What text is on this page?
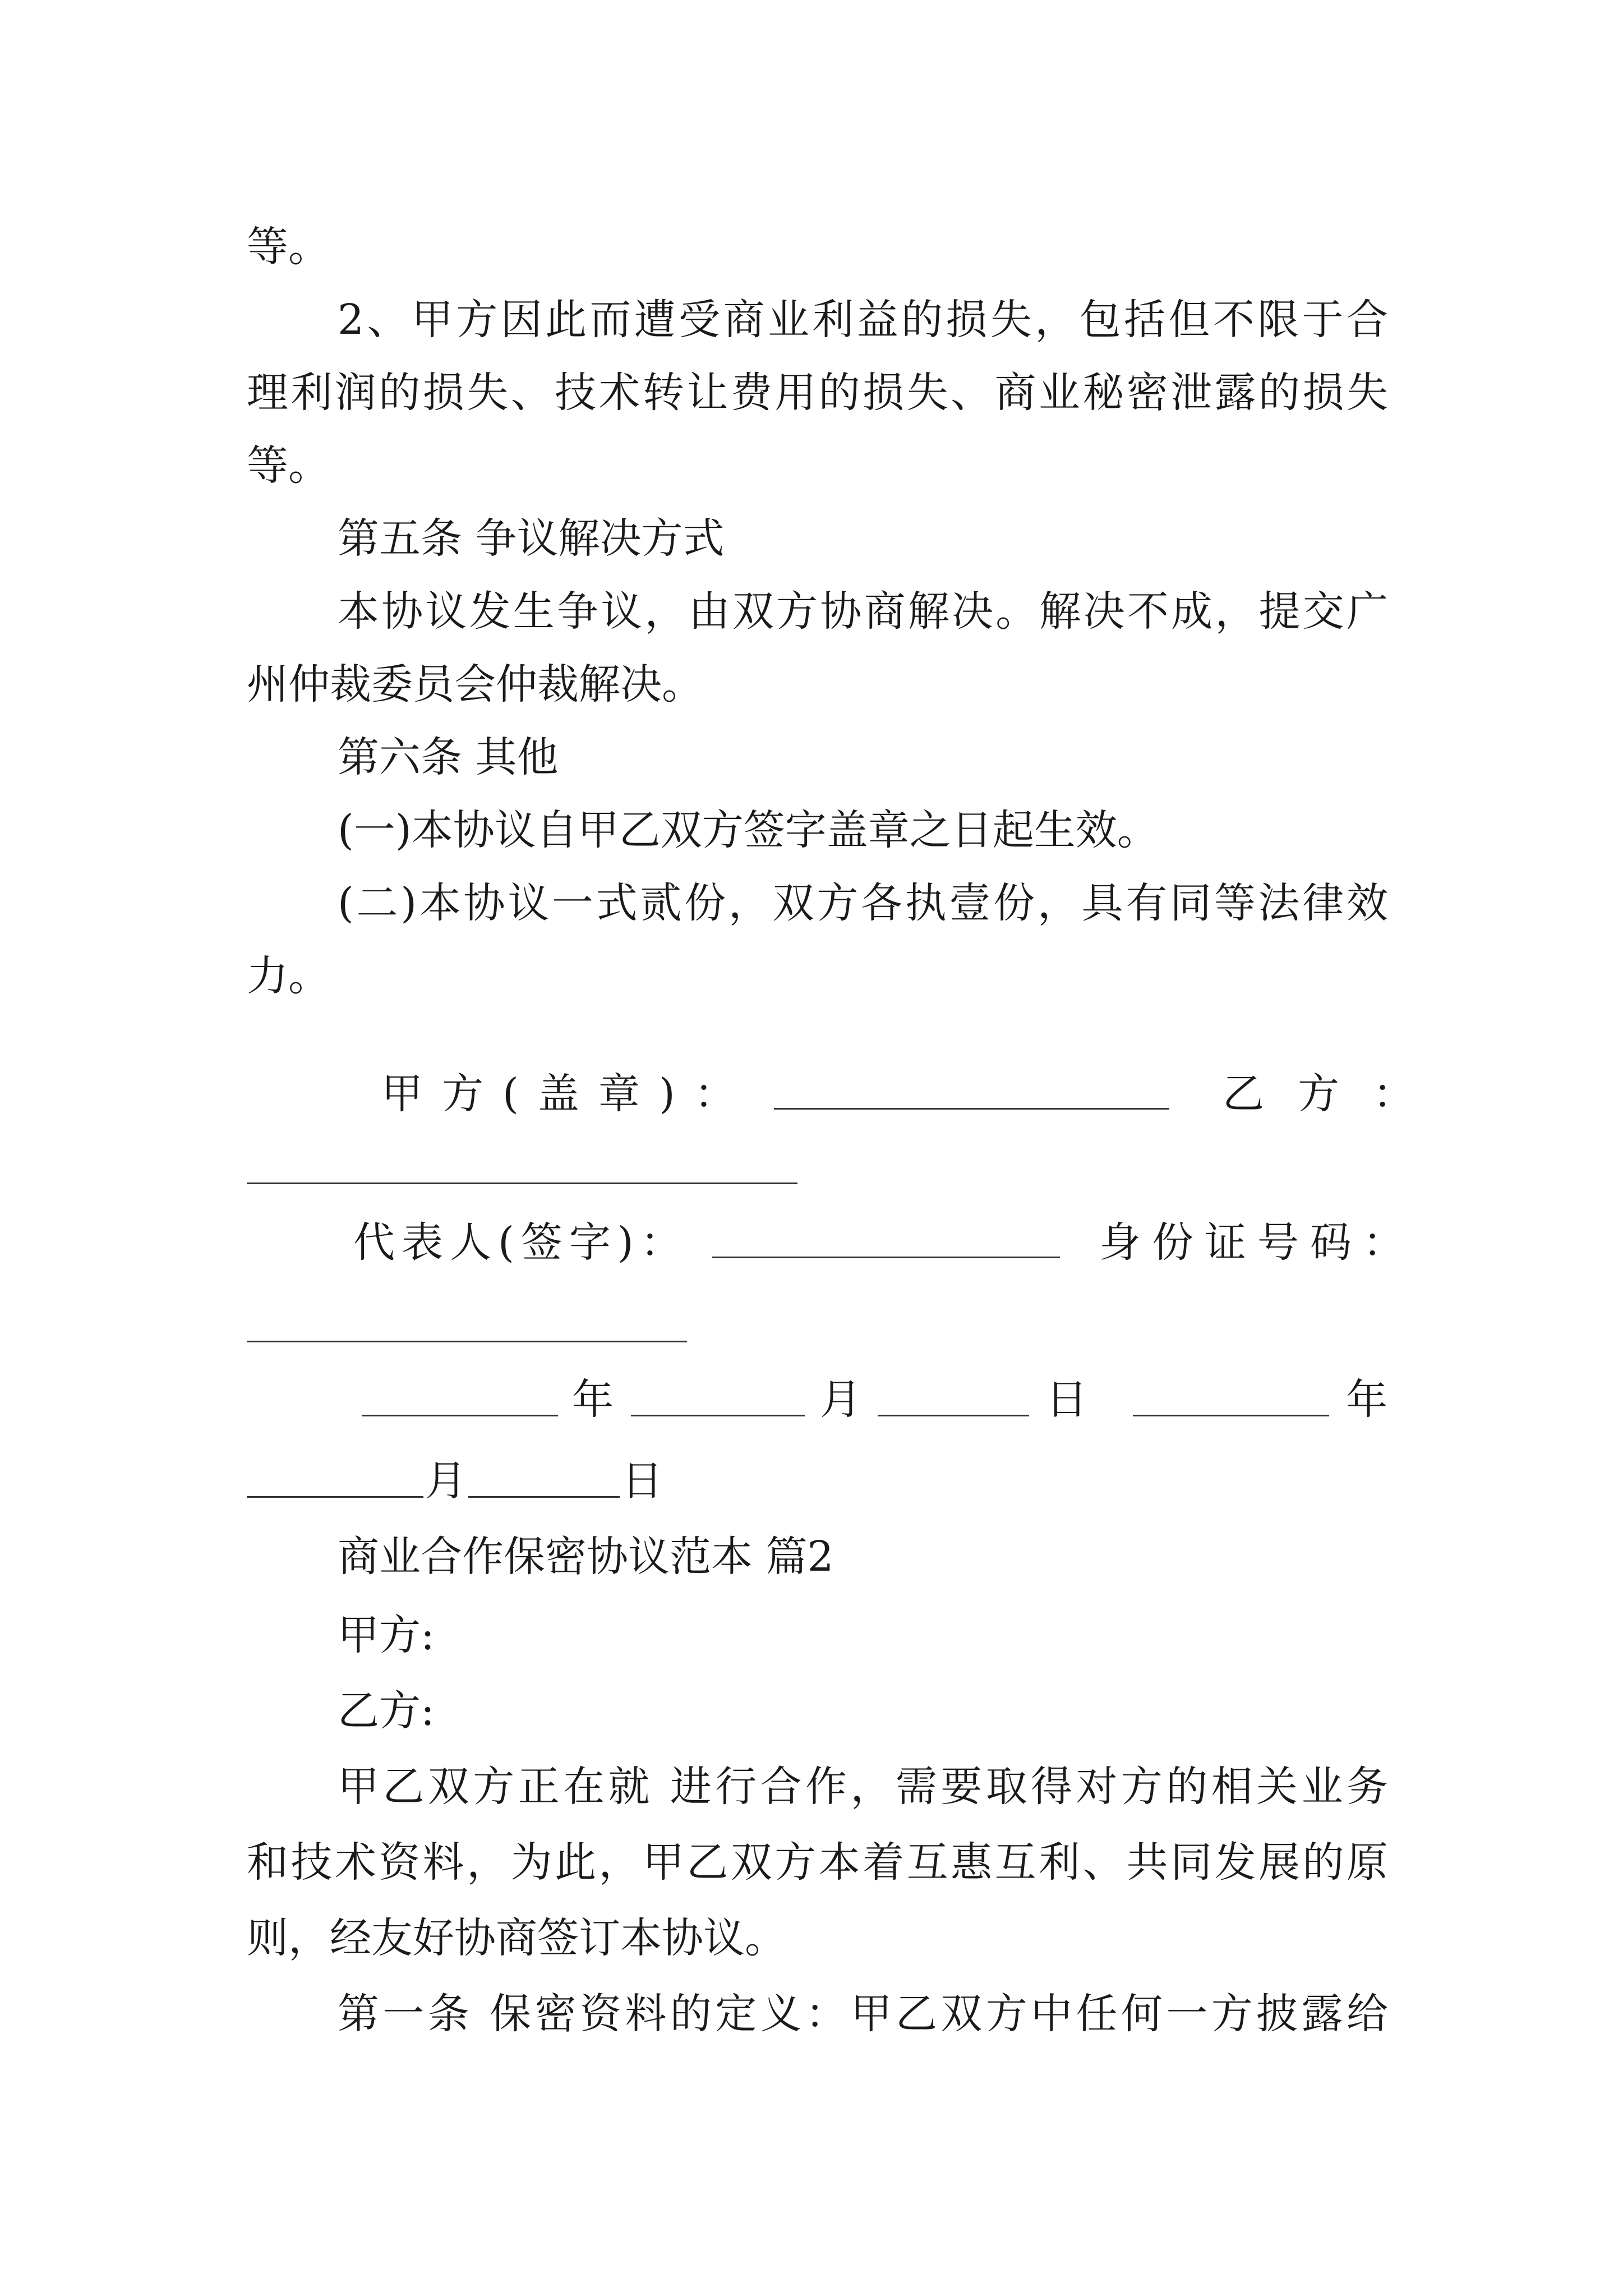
等。
2、甲方因此而遭受商业利益的损失，包括但不限于合
理利润的损失、技术转让费用的损失、商业秘密泄露的损失
等。
第五条 争议解决方式
本协议发生争议，由双方协商解决。解决不成，提交广
州仲裁委员会仲裁解决。
第六条 其他
(一)本协议自甲乙双方签字盖章之日起生效。
(二)本协议一式贰份，双方各执壹份，具有同等法律效
力。
甲方(盖章)：	乙方：
代表人(签字)：	身份证号码：
年	月	日	年
月	日
商业合作保密协议范本 篇2
甲方:
乙方:
甲乙双方正在就 进行合作，需要取得对方的相关业务
和技术资料，为此，甲乙双方本着互惠互利、共同发展的原
则，经友好协商签订本协议。
第一条 保密资料的定义：甲乙双方中任何一方披露给
